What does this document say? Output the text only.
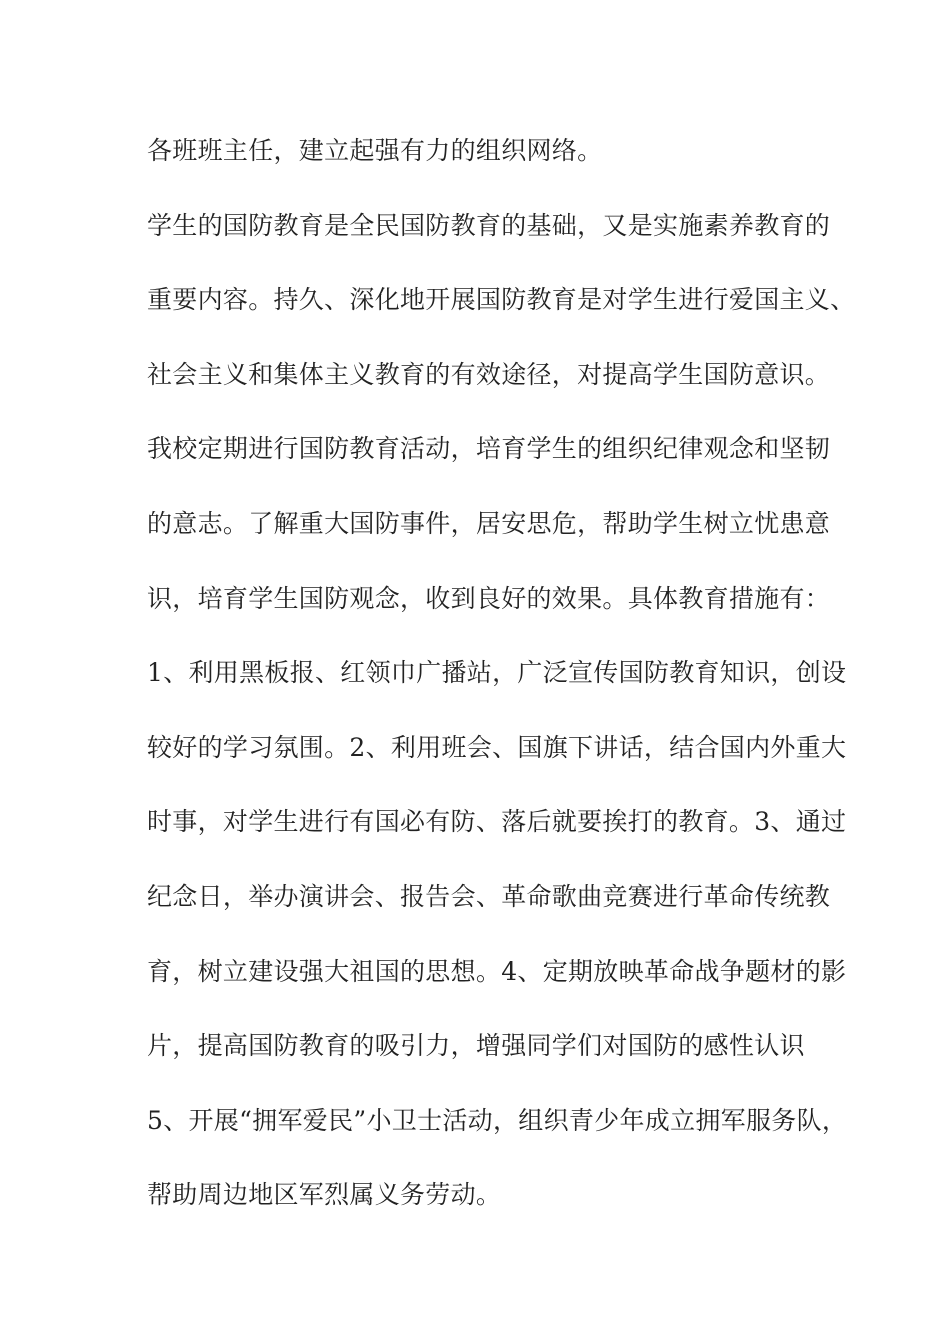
各班班主任，建立起强有力的组织网络。
学生的国防教育是全民国防教育的基础，又是实施素养教育的
重要内容。持久、深化地开展国防教育是对学生进行爱国主义、
社会主义和集体主义教育的有效途径，对提高学生国防意识。
我校定期进行国防教育活动，培育学生的组织纪律观念和坚韧
的意志。了解重大国防事件，居安思危，帮助学生树立忧患意
识，培育学生国防观念，收到良好的效果。具体教育措施有：
1、利用黑板报、红领巾广播站，广泛宣传国防教育知识，创设
较好的学习氛围。2、利用班会、国旗下讲话，结合国内外重大
时事，对学生进行有国必有防、落后就要挨打的教育。3、通过
纪念日，举办演讲会、报告会、革命歌曲竞赛进行革命传统教
育，树立建设强大祖国的思想。4、定期放映革命战争题材的影
片，提高国防教育的吸引力，增强同学们对国防的感性认识
5、开展“拥军爱民”小卫士活动，组织青少年成立拥军服务队，
帮助周边地区军烈属义务劳动。
